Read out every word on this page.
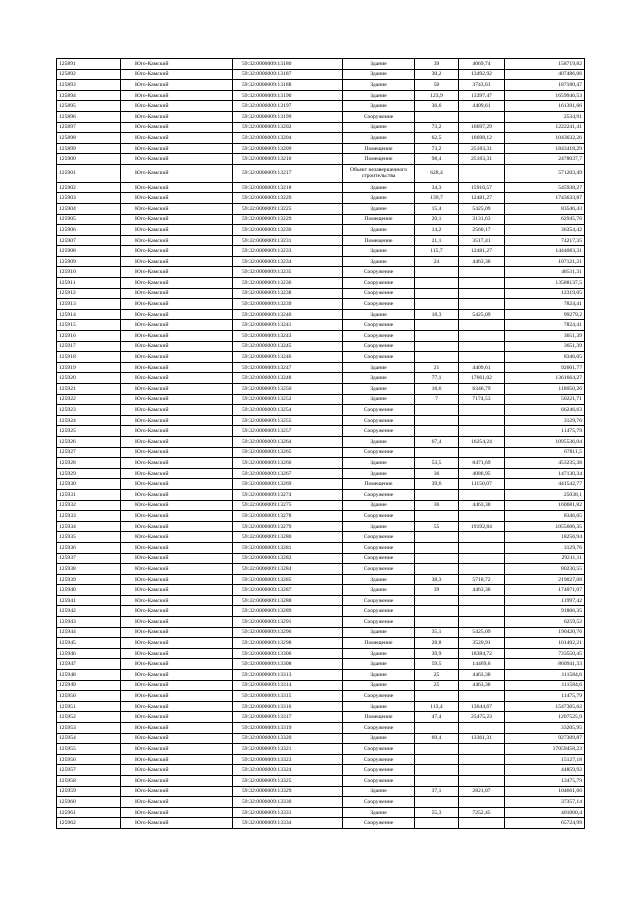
125891	Юго-Камский	59:32:0000009:13186	Здание	39	4069,74	158719,82
125892	Юго-Камский	59:32:0000009:13187	Здание	30,2	13492,92	407486,06
125893	Юго-Камский	59:32:0000009:13188	Здание	50	3743,61	187180,47
125894	Юго-Камский	59:32:0000009:13190	Здание	123,9	13397,47	1659946,53
125895	Юго-Камский	59:32:0000009:13197	Здание	36,6	4409,61	161391,66
125896	Юго-Камский	59:32:0000009:13199	Сооружение			2534,91
125897	Юго-Камский	59:32:0000009:13202	Здание	73,2	16697,29	1222241,41
125898	Юго-Камский	59:32:0000009:13204	Здание	62,5	16698,12	1043632,26
125899	Юго-Камский	59:32:0000009:13209	Помещение	73,2	25183,31	1843418,29
125900	Юго-Камский	59:32:0000009:13210	Помещение	98,4	25183,31	2478037,7
125901	Юго-Камский	59:32:0000009:13217	Объект незавершенного строительства	628,4		571203,49
125902	Юго-Камский	59:32:0000009:13218	Здание	34,3	15916,57	545938,27
125903	Юго-Камский	59:32:0000009:13220	Здание	139,7	12481,27	1743633,87
125904	Юго-Камский	59:32:0000009:13225	Здание	15,4	5425,09	83546,43
125905	Юго-Камский	59:32:0000009:13229	Помещение	20,1	3131,63	62945,76
125906	Юго-Камский	59:32:0000009:13230	Здание	14,2	2560,17	36354,42
125907	Юго-Камский	59:32:0000009:13231	Помещение	21,1	3517,41	74217,35
125908	Юго-Камский	59:32:0000009:13233	Здание	115,7	12481,27	1444083,31
125909	Юго-Камский	59:32:0000009:13234	Здание	24	4463,38	107121,21
125910	Юго-Камский	59:32:0000009:13235	Сооружение			48511,31
125911	Юго-Камский	59:32:0000009:13236	Сооружение			13588137,5
125912	Юго-Камский	59:32:0000009:13238	Сооружение			12319,05
125913	Юго-Камский	59:32:0000009:13239	Сооружение			7824,41
125914	Юго-Камский	59:32:0000009:13240	Здание	18,3	5425,09	99279,2
125915	Юго-Камский	59:32:0000009:13241	Сооружение			7824,41
125916	Юго-Камский	59:32:0000009:13243	Сооружение			3651,39
125917	Юго-Камский	59:32:0000009:13245	Сооружение			3651,39
125918	Юго-Камский	59:32:0000009:13246	Сооружение			8346,05
125919	Юго-Камский	59:32:0000009:13247	Здание	21	4409,61	92601,77
125920	Юго-Камский	59:32:0000009:13248	Здание	77,1	17661,02	1361664,27
125921	Юго-Камский	59:32:0000009:13250	Здание	18,6	6346,79	118050,26
125922	Юго-Камский	59:32:0000009:13252	Здание	7	7174,53	50221,71
125923	Юго-Камский	59:32:0000009:13254	Сооружение			66246,63
125924	Юго-Камский	59:32:0000009:13255	Сооружение			3129,76
125925	Юго-Камский	59:32:0000009:13257	Сооружение			11475,79
125926	Юго-Камский	59:32:0000009:13264	Здание	67,4	16254,24	1095536,04
125927	Юго-Камский	59:32:0000009:13265	Сооружение			67811,5
125928	Юго-Камский	59:32:0000009:13266	Здание	53,5	8471,69	453235,38
125929	Юго-Камский	59:32:0000009:13267	Здание	36	4086,95	147130,34
125930	Юго-Камский	59:32:0000009:13269	Помещение	39,6	11150,07	441542,77
125931	Юго-Камский	59:32:0000009:13274	Сооружение			25038,1
125932	Юго-Камский	59:32:0000009:13275	Здание	36	4463,38	160681,82
125933	Юго-Камский	59:32:0000009:13278	Сооружение			8346,05
125934	Юго-Камский	59:32:0000009:13279	Здание	55	19192,84	1055606,35
125935	Юго-Камский	59:32:0000009:13280	Сооружение			18256,94
125936	Юго-Камский	59:32:0000009:13281	Сооружение			3129,76
125937	Юго-Камский	59:32:0000009:13282	Сооружение			29211,11
125938	Юго-Камский	59:32:0000009:13284	Сооружение			80230,55
125939	Юго-Камский	59:32:0000009:13285	Здание	38,3	5718,72	219027,08
125940	Юго-Камский	59:32:0000009:13287	Здание	39	4463,38	174071,07
125941	Юго-Камский	59:32:0000009:13288	Сооружение			11997,42
125942	Юго-Камский	59:32:0000009:13289	Сооружение			91806,35
125943	Юго-Камский	59:32:0000009:13291	Сооружение			6259,52
125944	Юго-Камский	59:32:0000009:13296	Здание	35,1	5425,09	190420,76
125945	Юго-Камский	59:32:0000009:13298	Помещение	28,8	3520,91	101402,21
125946	Юго-Камский	59:32:0000009:13306	Здание	39,9	18384,72	733550,45
125947	Юго-Камский	59:32:0000009:13308	Здание	59,5	14469,6	860941,33
125948	Юго-Камский	59:32:0000009:13313	Здание	25	4463,38	111584,6
125949	Юго-Камский	59:32:0000009:13314	Здание	25	4463,38	111584,6
125950	Юго-Камский	59:32:0000009:13315	Сооружение			11475,79
125951	Юго-Камский	59:32:0000009:13316	Здание	113,4	13644,67	1547305,62
125952	Юго-Камский	59:32:0000009:13317	Помещение	47,4	25475,23	1207525,9
125953	Юго-Камский	59:32:0000009:13319	Сооружение			33205,95
125954	Юго-Камский	59:32:0000009:13320	Здание	69,4	13361,31	927309,87
125955	Юго-Камский	59:32:0000009:13321	Сооружение			17059458,23
125956	Юго-Камский	59:32:0000009:13323	Сооружение			15127,18
125957	Юго-Камский	59:32:0000009:13324	Сооружение			44859,92
125958	Юго-Камский	59:32:0000009:13325	Сооружение			13475,79
125959	Юго-Камский	59:32:0000009:13329	Здание	37,1	2821,07	104661,66
125960	Юго-Камский	59:32:0000009:13330	Сооружение			37357,14
125961	Юго-Камский	59:32:0000009:13331	Здание	55,3	7252,45	401060,4
125962	Юго-Камский	59:32:0000009:13334	Сооружение			65724,99
